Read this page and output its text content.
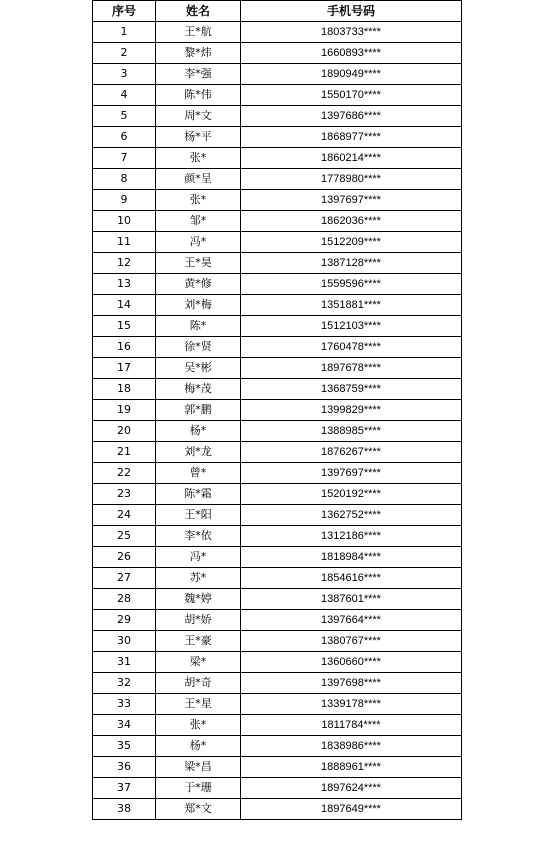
序号	姓名	手机号码
1	王*航	1803733****
2	黎*炜	1660893****
3	李*强	1890949****
4	陈*伟	1550170****
5	周*文	1397686****
6	杨*平	1868977****
7	张*	1860214****
8	颜*呈	1778980****
9	张*	1397697****
10	邹*	1862036****
11	冯*	1512209****
12	王*昊	1387128****
13	黄*修	1559596****
14	刘*梅	1351881****
15	陈*	1512103****
16	徐*贤	1760478****
17	吴*彬	1897678****
18	梅*茂	1368759****
19	郭*鹏	1399829****
20	杨*	1388985****
21	刘*龙	1876267****
22	曾*	1397697****
23	陈*霜	1520192****
24	王*阳	1362752****
25	李*依	1312186****
26	冯*	1818984****
27	苏*	1854616****
28	魏*婷	1387601****
29	胡*娇	1397664****
30	王*豪	1380767****
31	梁*	1360660****
32	胡*奇	1397698****
33	王*星	1339178****
34	张*	1811784****
35	杨*	1838986****
36	梁*昌	1888961****
37	于*珊	1897624****
38	郑*文	1897649****
